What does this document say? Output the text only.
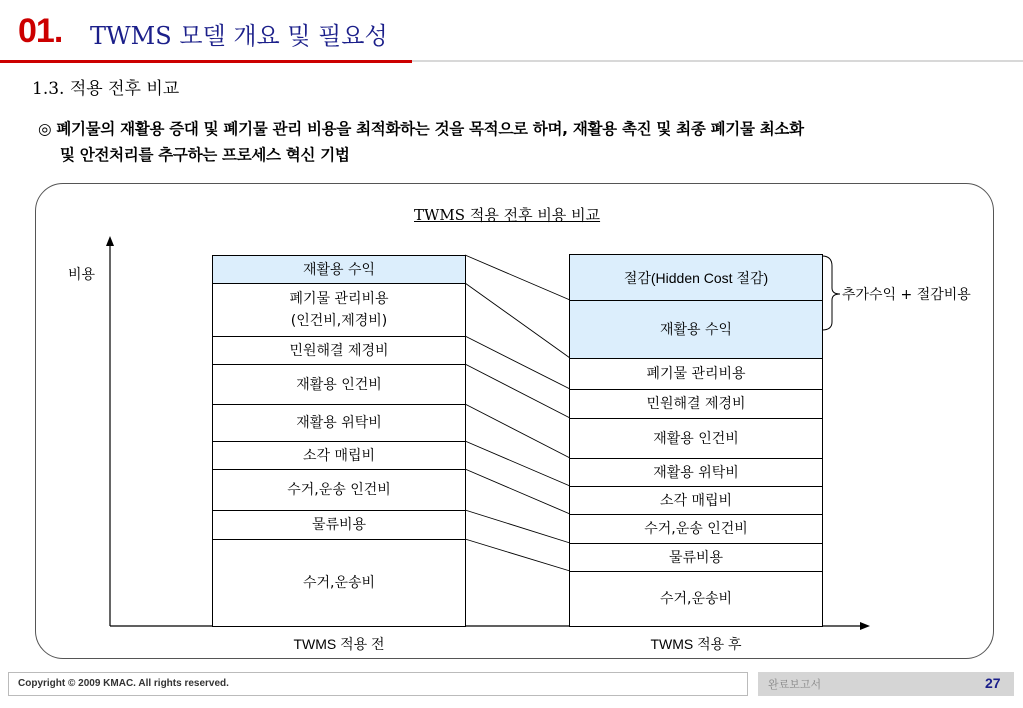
01. TWMS 모델 개요 및 필요성
1.3. 적용 전후 비교
◎ 폐기물의 재활용 증대 및 폐기물 관리 비용을 최적화하는 것을 목적으로 하며, 재활용 촉진 및 최종 폐기물 최소화
및 안전처리를 추구하는 프로세스 혁신 기법
TWMS 적용 전후 비용 비교
비용	재활용 수익
폐기물 관리비용
(인건비,제경비)
민원해결 제경비
재활용 인건비
재활용 위탁비
소각 매립비
수거,운송 인건비
물류비용
수거,운송비
절감(Hidden Cost 절감)
재활용 수익
폐기물 관리비용
민원해결 제경비
재활용 인건비
재활용 위탁비
소각 매립비
수거,운송 인건비
물류비용
수거,운송비
TWMS 적용 전	TWMS 적용 후
추가수익 + 절감비용
Copyright © 2009 KMAC. All rights reserved.	완료보고서	27
